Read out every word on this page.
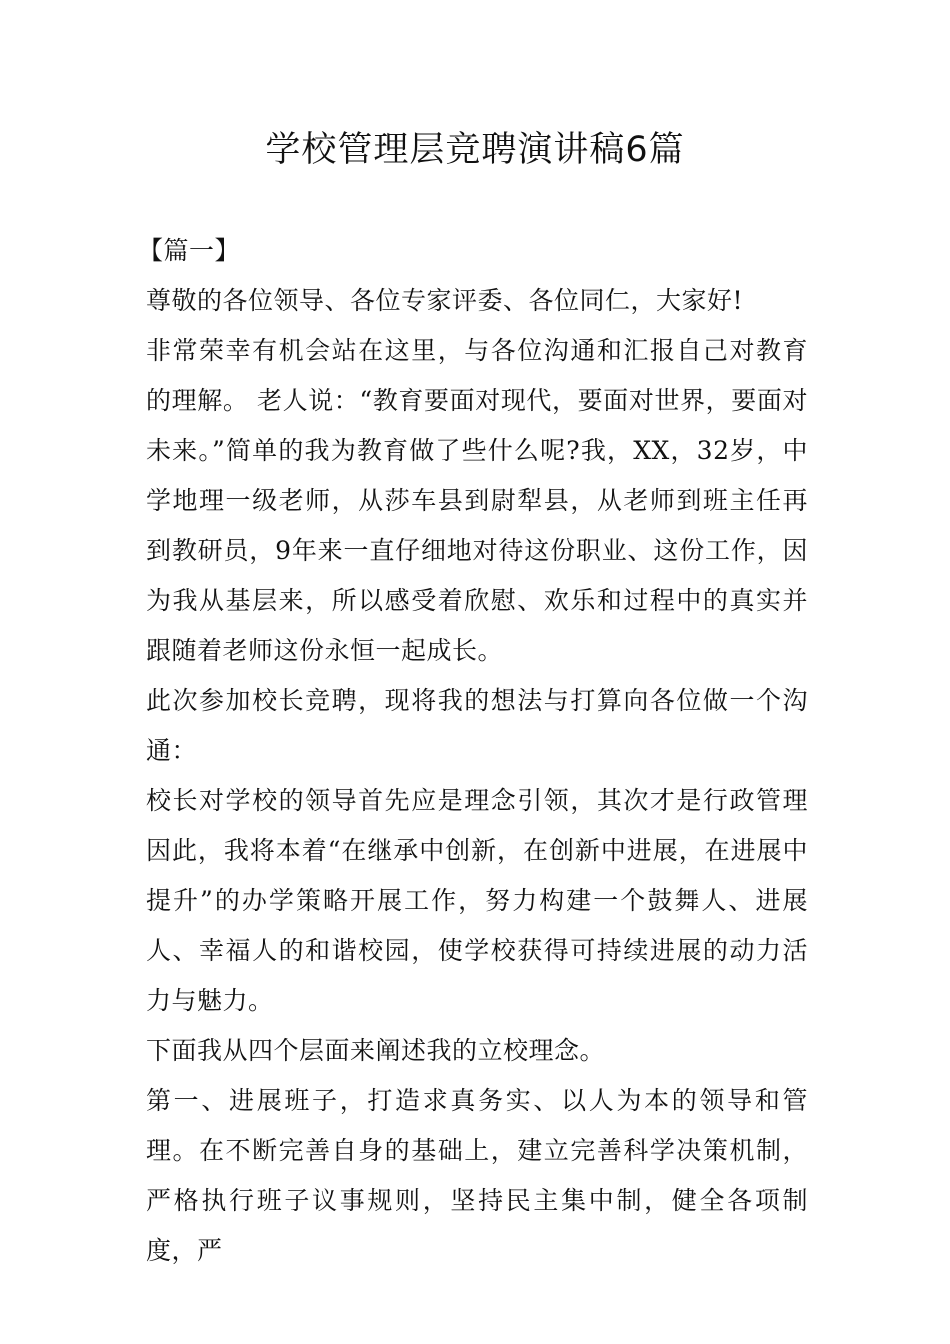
学校管理层竞聘演讲稿6篇

【篇一】

尊敬的各位领导、各位专家评委、各位同仁，大家好!

非常荣幸有机会站在这里，与各位沟通和汇报自己对教育的理解。 老人说：“教育要面对现代，要面对世界，要面对未来。”简单的我为教育做了些什么呢?我，XX，32岁，中学地理一级老师，从莎车县到尉犁县，从老师到班主任再到教研员，9年来一直仔细地对待这份职业、这份工作，因为我从基层来，所以感受着欣慰、欢乐和过程中的真实并跟随着老师这份永恒一起成长。

此次参加校长竞聘，现将我的想法与打算向各位做一个沟通：

校长对学校的领导首先应是理念引领，其次才是行政管理因此，我将本着“在继承中创新，在创新中进展，在进展中提升”的办学策略开展工作，努力构建一个鼓舞人、进展人、幸福人的和谐校园，使学校获得可持续进展的动力活力与魅力。

下面我从四个层面来阐述我的立校理念。

第一、进展班子，打造求真务实、以人为本的领导和管理。在不断完善自身的基础上，建立完善科学决策机制，严格执行班子议事规则，坚持民主集中制，健全各项制度，严
